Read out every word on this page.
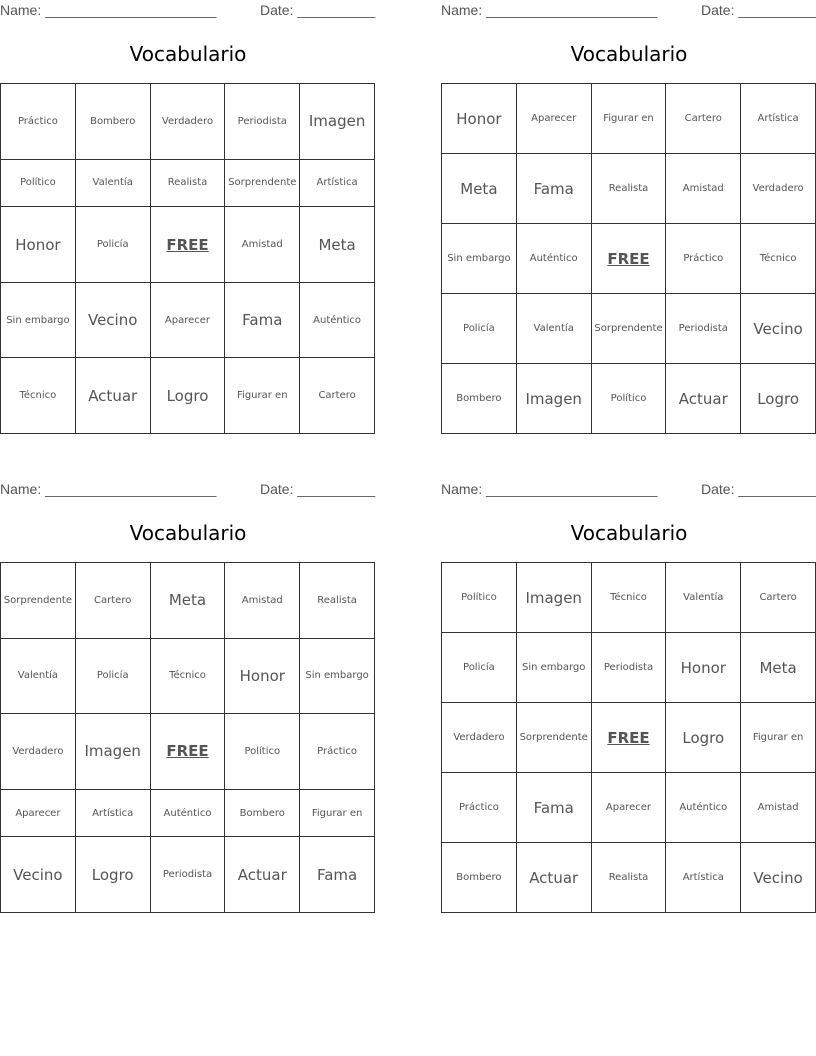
Name: ______________________	Date: __________
Vocabulario
Práctico	Bombero	Verdadero	Periodista	Imagen
Político	Valentía	Realista	Sorprendente	Artística
Honor	Policía	FREE	Amistad	Meta
Sin embargo	Vecino	Aparecer	Fama	Auténtico
Técnico	Actuar	Logro	Figurar en	Cartero
Name: ______________________	Date: __________
Vocabulario
Honor	Aparecer	Figurar en	Cartero	Artística
Meta	Fama	Realista	Amistad	Verdadero
Sin embargo	Auténtico	FREE	Práctico	Técnico
Policía	Valentía	Sorprendente	Periodista	Vecino
Bombero	Imagen	Político	Actuar	Logro
Name: ______________________	Date: __________
Vocabulario
Sorprendente	Cartero	Meta	Amistad	Realista
Valentía	Policía	Técnico	Honor	Sin embargo
Verdadero	Imagen	FREE	Político	Práctico
Aparecer	Artística	Auténtico	Bombero	Figurar en
Vecino	Logro	Periodista	Actuar	Fama
Name: ______________________	Date: __________
Vocabulario
Político	Imagen	Técnico	Valentía	Cartero
Policía	Sin embargo	Periodista	Honor	Meta
Verdadero	Sorprendente	FREE	Logro	Figurar en
Práctico	Fama	Aparecer	Auténtico	Amistad
Bombero	Actuar	Realista	Artística	Vecino
